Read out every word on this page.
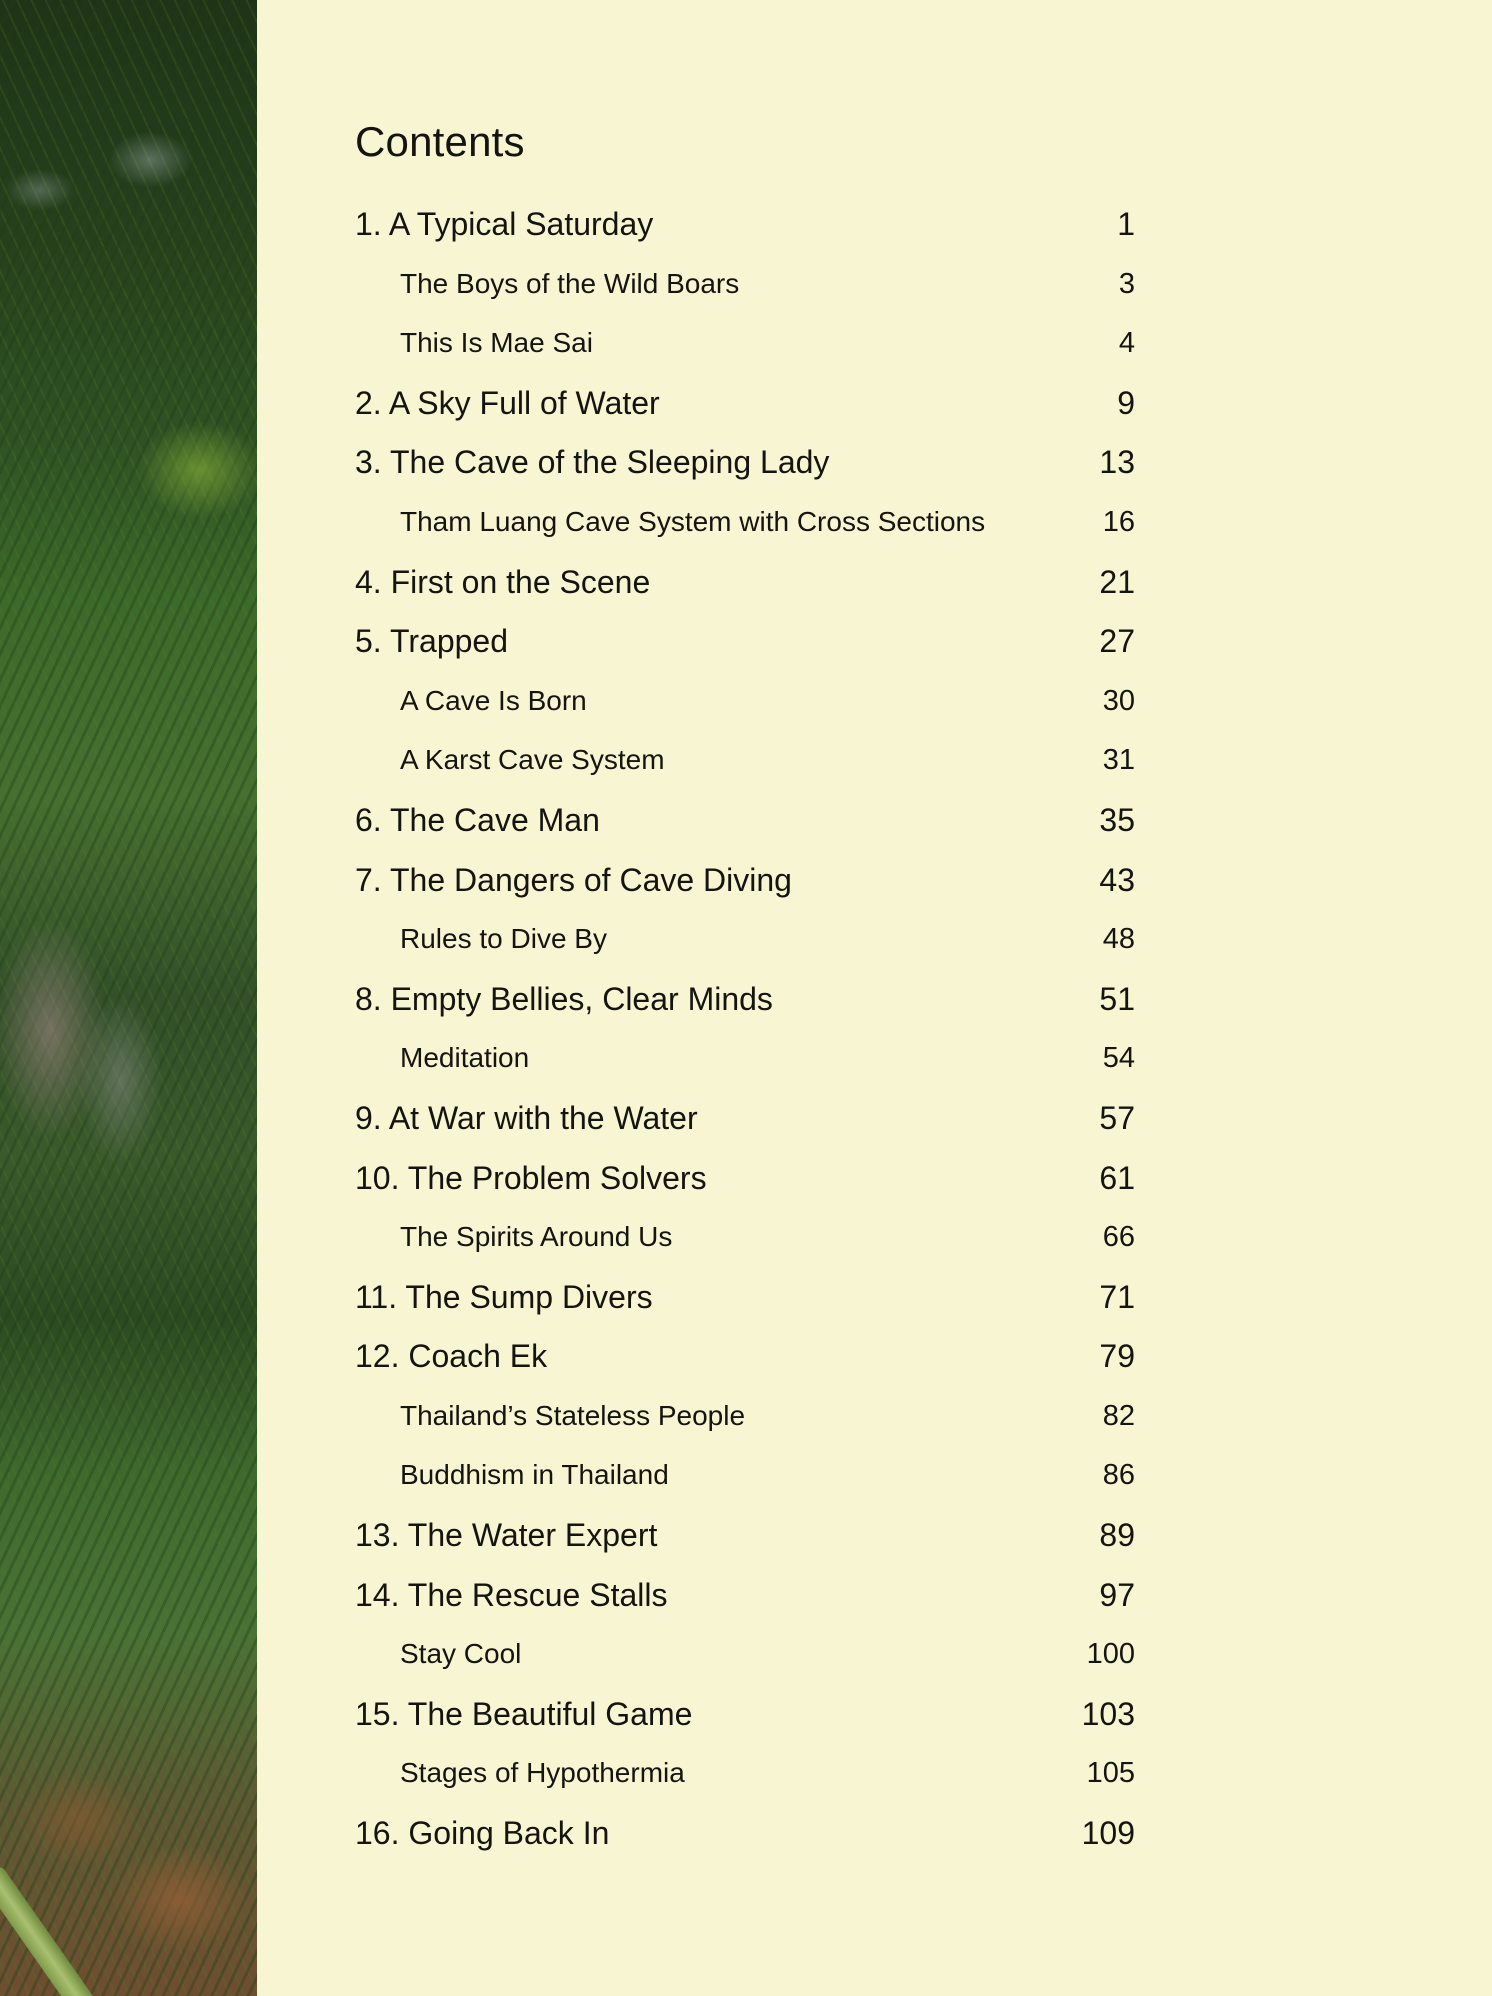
Contents
1. A Typical Saturday	1
The Boys of the Wild Boars	3
This Is Mae Sai	4
2. A Sky Full of Water	9
3. The Cave of the Sleeping Lady	13
Tham Luang Cave System with Cross Sections	16
4. First on the Scene	21
5. Trapped	27
A Cave Is Born	30
A Karst Cave System	31
6. The Cave Man	35
7. The Dangers of Cave Diving	43
Rules to Dive By	48
8. Empty Bellies, Clear Minds	51
Meditation	54
9. At War with the Water	57
10. The Problem Solvers	61
The Spirits Around Us	66
11. The Sump Divers	71
12. Coach Ek	79
Thailand’s Stateless People	82
Buddhism in Thailand	86
13. The Water Expert	89
14. The Rescue Stalls	97
Stay Cool	100
15. The Beautiful Game	103
Stages of Hypothermia	105
16. Going Back In	109
